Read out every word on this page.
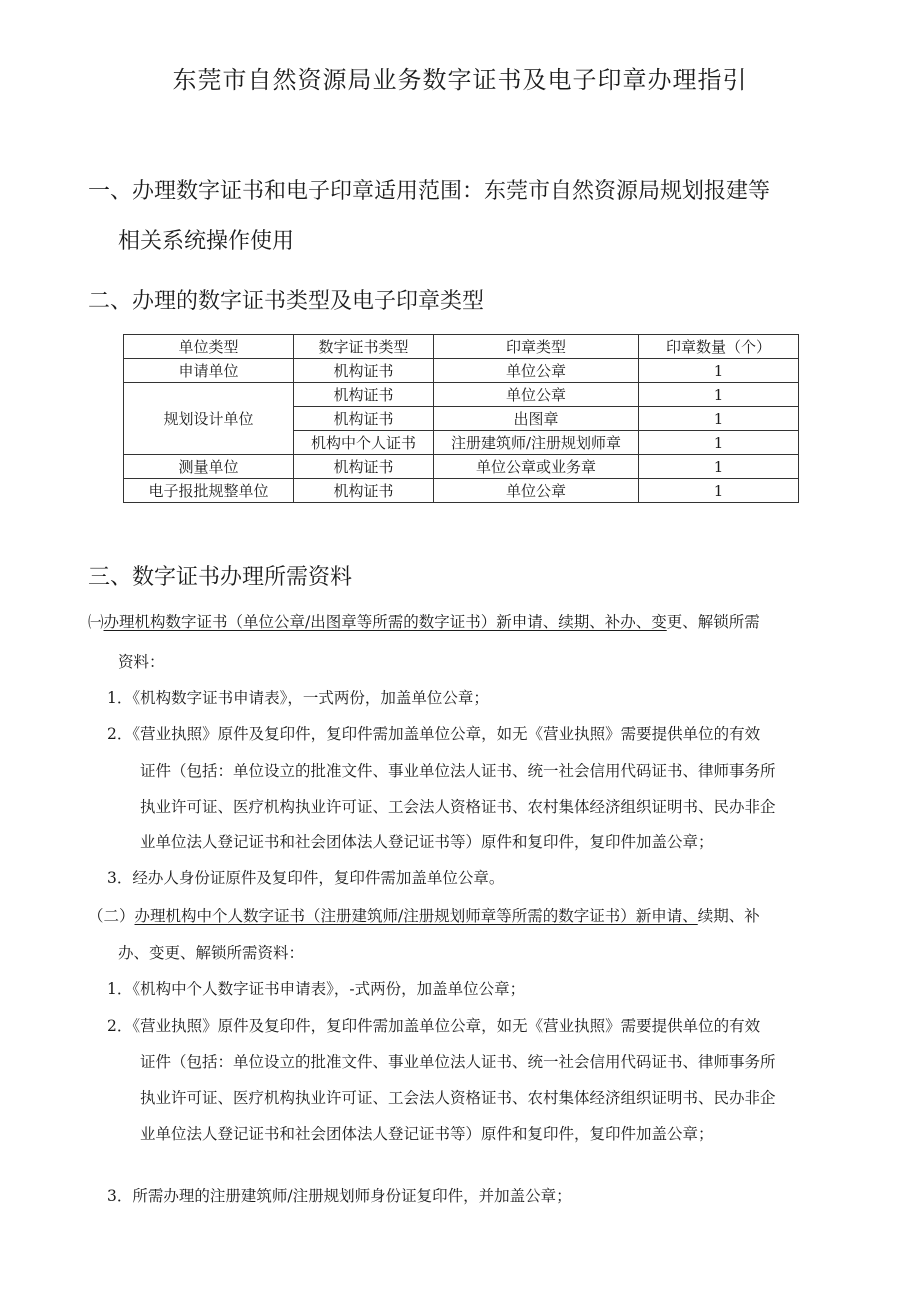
东莞市自然资源局业务数字证书及电子印章办理指引
一、办理数字证书和电子印章适用范围：东莞市自然资源局规划报建等
相关系统操作使用
二、办理的数字证书类型及电子印章类型
单位类型	数字证书类型	印章类型	印章数量（个）
申请单位	机构证书	单位公章	1
规划设计单位	机构证书	单位公章	1
	机构证书	出图章	1
	机构中个人证书	注册建筑师/注册规划师章	1
测量单位	机构证书	单位公章或业务章	1
电子报批规整单位	机构证书	单位公章	1
三、数字证书办理所需资料
㈠办理机构数字证书（单位公章/出图章等所需的数字证书）新申请、续期、补办、变更、解锁所需
资料：
1．《机构数字证书申请表》，一式两份，加盖单位公章；
2．《营业执照》原件及复印件，复印件需加盖单位公章，如无《营业执照》需要提供单位的有效
证件（包括：单位设立的批准文件、事业单位法人证书、统一社会信用代码证书、律师事务所
执业许可证、医疗机构执业许可证、工会法人资格证书、农村集体经济组织证明书、民办非企
业单位法人登记证书和社会团体法人登记证书等）原件和复印件，复印件加盖公章；
3．经办人身份证原件及复印件，复印件需加盖单位公章。
（二）办理机构中个人数字证书（注册建筑师/注册规划师章等所需的数字证书）新申请、续期、补
办、变更、解锁所需资料：
1．《机构中个人数字证书申请表》，-式两份，加盖单位公章；
2．《营业执照》原件及复印件，复印件需加盖单位公章，如无《营业执照》需要提供单位的有效
证件（包括：单位设立的批准文件、事业单位法人证书、统一社会信用代码证书、律师事务所
执业许可证、医疗机构执业许可证、工会法人资格证书、农村集体经济组织证明书、民办非企
业单位法人登记证书和社会团体法人登记证书等）原件和复印件，复印件加盖公章；
3．所需办理的注册建筑师/注册规划师身份证复印件，并加盖公章；
